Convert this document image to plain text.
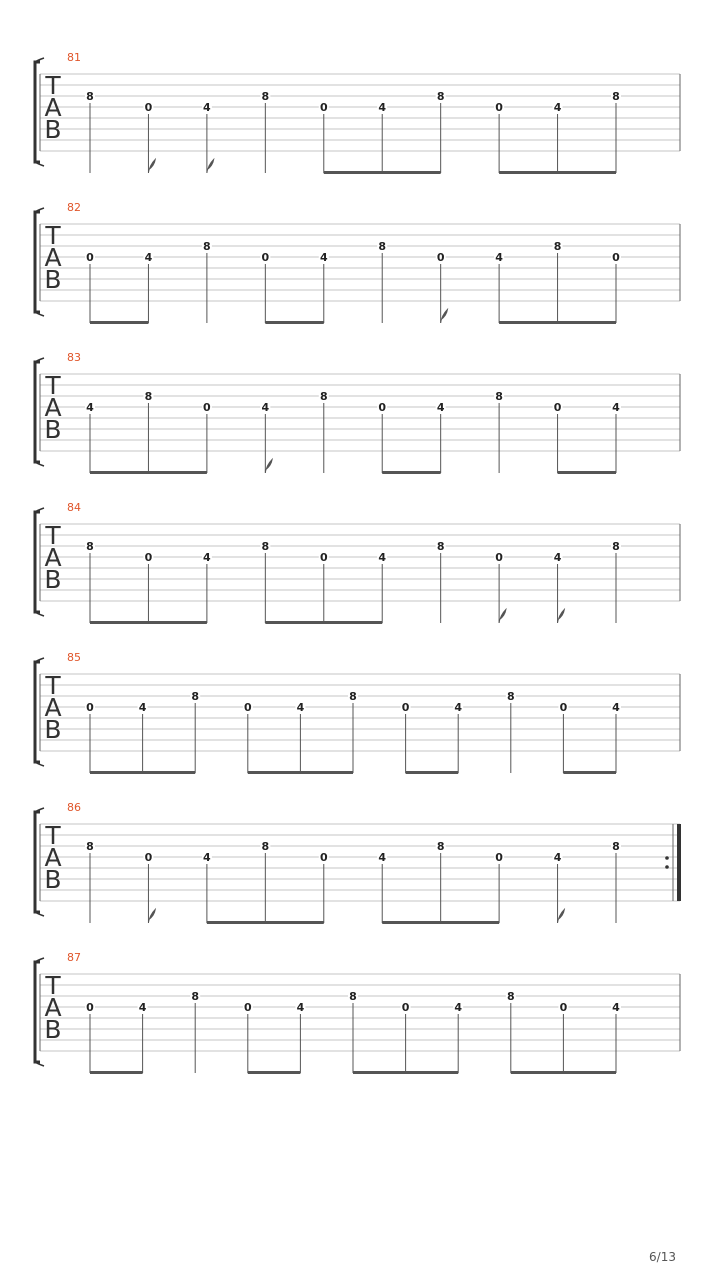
81
T
A
B
8
0	4
8
0	4
8
0	4
8
82
T
A
B
0	4
8
0	4
8
0	4
8
0
83
T
A
B
4
8
0	4
8
0	4
8
0	4
84
T
A
B
8
0	4
8
0	4
8
0	4
8
85
T
A
B
0	4
8
0	4
8
0	4
8
0	4
86
T
A
B
8
0	4
8
0	4
8
0	4
8
87
T
A
B
0	4
8
0	4
8
0	4
8
0	4
6/13
